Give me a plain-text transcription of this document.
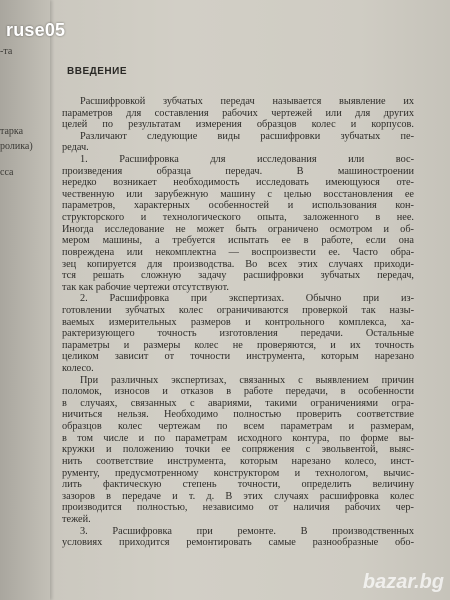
-та
тарка
ролика)
сса
ruse05
ВВЕДЕНИЕ
Расшифровкой зубчатых передач называется выявление их
параметров для составления рабочих чертежей или для других
целей по результатам измерения образцов колес и корпусов.
Различают следующие виды расшифровки зубчатых пе-
редач.
1. Расшифровка для исследования или вос-
произведения образца передач. В машиностроении
нередко возникает необходимость исследовать имеющуюся оте-
чественную или зарубежную машину с целью восстановления ее
параметров, характерных особенностей и использования кон-
структорского и технологического опыта, заложенного в нее.
Иногда исследование не может быть ограничено осмотром и об-
мером машины, а требуется испытать ее в работе, если она
повреждена или некомплектна — воспроизвести ее. Часто обра-
зец копируется для производства. Во всех этих случаях приходи-
тся решать сложную задачу расшифровки зубчатых передач,
так как рабочие чертежи отсутствуют.
2. Расшифровка при экспертизах. Обычно при из-
готовлении зубчатых колес ограничиваются проверкой так назы-
ваемых измерительных размеров и контрольного комплекса, ха-
рактеризующего точность изготовления передачи. Остальные
параметры и размеры колес не проверяются, и их точность
целиком зависит от точности инструмента, которым нарезано
колесо.
При различных экспертизах, связанных с выявлением причин
поломок, износов и отказов в работе передачи, в особенности
в случаях, связанных с авариями, такими ограничениями огра-
ничиться нельзя. Необходимо полностью проверить соответствие
образцов колес чертежам по всем параметрам и размерам,
в том числе и по параметрам исходного контура, по форме вы-
кружки и положению точки ее сопряжения с эвольвентой, выяс-
нить соответствие инструмента, которым нарезано колесо, инст-
рументу, предусмотренному конструктором и технологом, вычис-
лить фактическую степень точности, определить величину
зазоров в передаче и т. д. В этих случаях расшифровка колес
производится полностью, независимо от наличия рабочих чер-
тежей.
3. Расшифровка при ремонте. В производственных
условиях приходится ремонтировать самые разнообразные обо-
bazar.bg
